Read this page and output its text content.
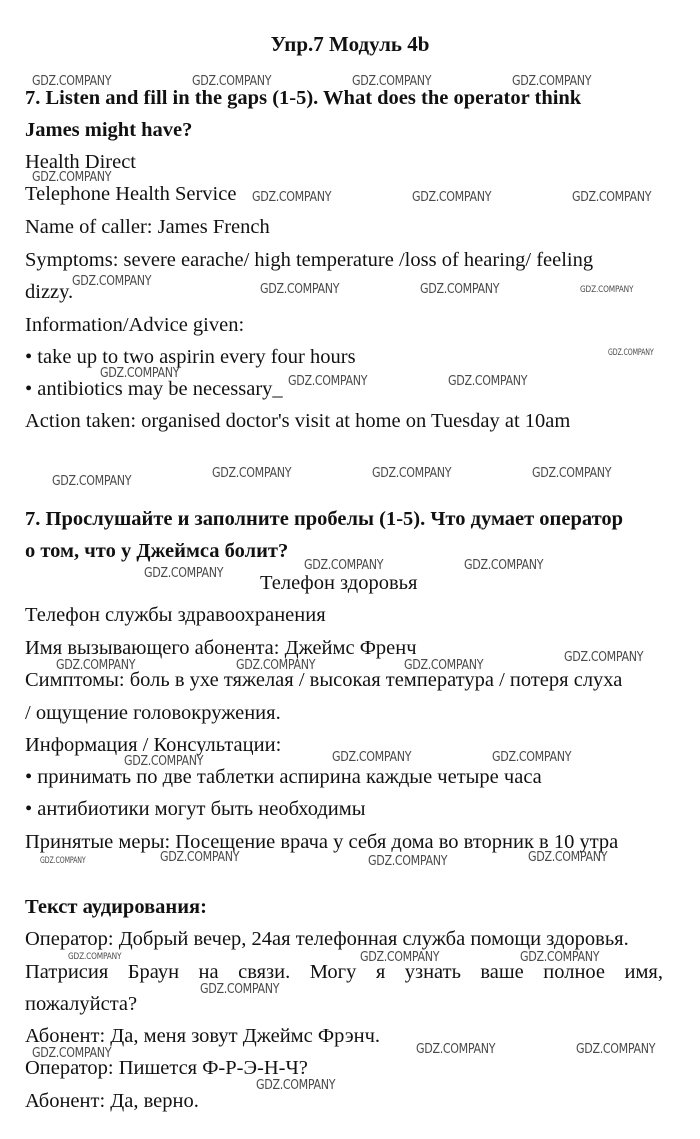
Упр.7 Модуль 4b
7. Listen and fill in the gaps (1-5). What does the operator think
James might have?
Health Direct
Telephone Health Service
Name of caller: James French
Symptoms: severe earache/ high temperature /loss of hearing/ feeling
dizzy.
Information/Advice given:
• take up to two aspirin every four hours
• antibiotics may be necessary_
Action taken: organised doctor's visit at home on Tuesday at 10am
7. Прослушайте и заполните пробелы (1-5). Что думает оператор
о том, что у Джеймса болит?
Телефон здоровья
Телефон службы здравоохранения
Имя вызывающего абонента: Джеймс Френч
Симптомы: боль в ухе тяжелая / высокая температура / потеря слуха
/ ощущение головокружения.
Информация / Консультации:
• принимать по две таблетки аспирина каждые четыре часа
• антибиотики могут быть необходимы
Принятые меры: Посещение врача у себя дома во вторник в 10 утра
Текст аудирования:
Оператор: Добрый вечер, 24ая телефонная служба помощи здоровья.
Патрисия Браун на связи. Могу я узнать ваше полное имя,
пожалуйста?
Абонент: Да, меня зовут Джеймс Фрэнч.
Оператор: Пишется Ф-Р-Э-Н-Ч?
Абонент: Да, верно.
GDZ.COMPANY	GDZ.COMPANY	GDZ.COMPANY	GDZ.COMPANY
GDZ.COMPANY
GDZ.COMPANY	GDZ.COMPANY	GDZ.COMPANY
GDZ.COMPANY	GDZ.COMPANY	GDZ.COMPANY	GDZ.COMPANY
GDZ.COMPANY
GDZ.COMPANY	GDZ.COMPANY	GDZ.COMPANY
GDZ.COMPANY	GDZ.COMPANY	GDZ.COMPANY	GDZ.COMPANY
GDZ.COMPANY	GDZ.COMPANY
GDZ.COMPANY
GDZ.COMPANY	GDZ.COMPANY	GDZ.COMPANY	GDZ.COMPANY
GDZ.COMPANY	GDZ.COMPANY	GDZ.COMPANY
GDZ.COMPANY	GDZ.COMPANY	GDZ.COMPANY	GDZ.COMPANY
GDZ.COMPANY	GDZ.COMPANY	GDZ.COMPANY
GDZ.COMPANY
GDZ.COMPANY	GDZ.COMPANY	GDZ.COMPANY
GDZ.COMPANY
